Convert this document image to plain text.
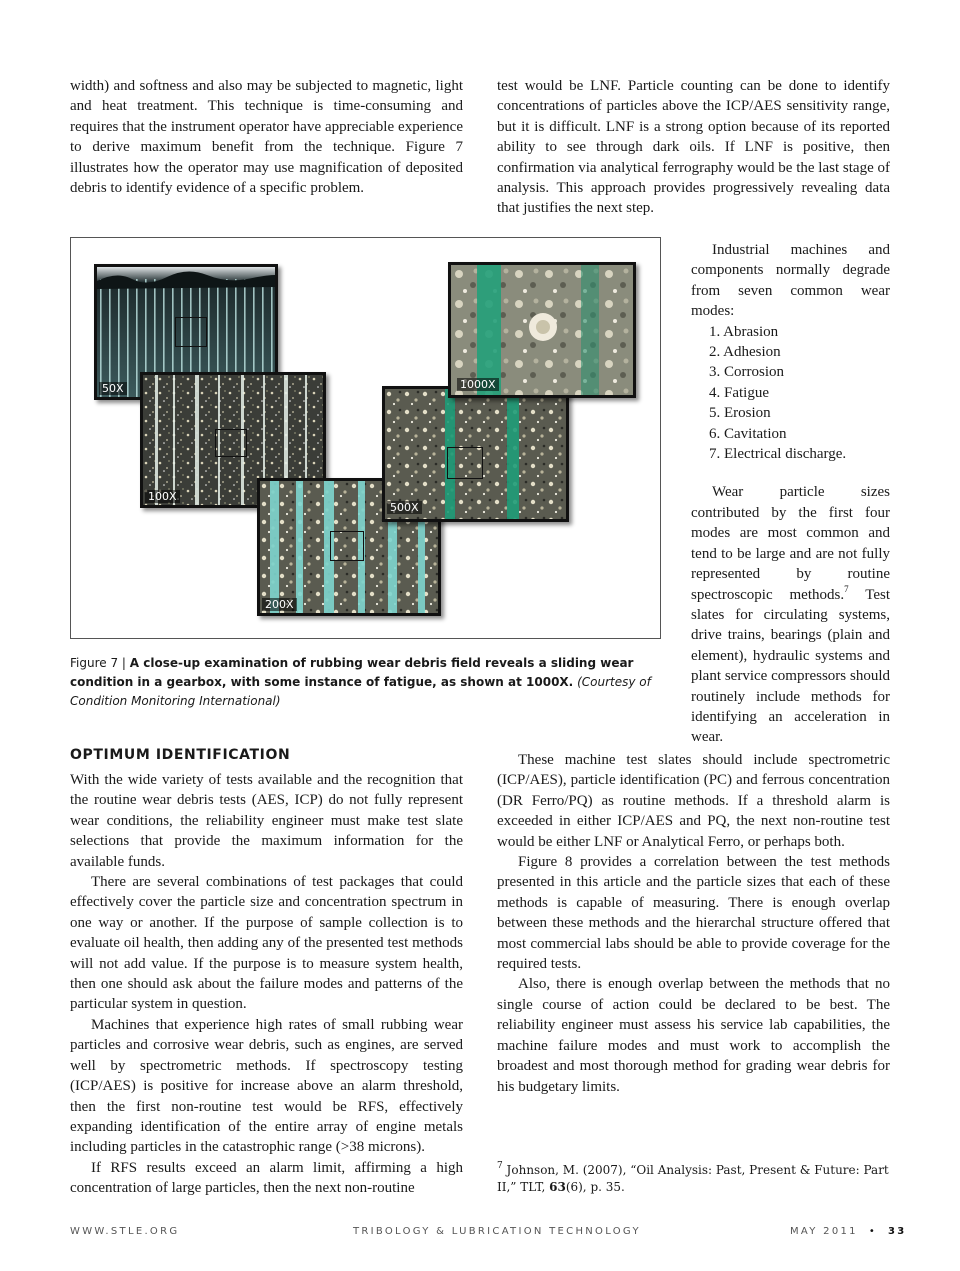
width) and softness and also may be subjected to magnetic, light and heat treatment. This technique is time-consuming and requires that the instrument operator have appreciable experience to derive maximum benefit from the technique. Figure 7 illustrates how the operator may use magnification of deposited debris to identify evidence of a specific problem.

test would be LNF. Particle counting can be done to identify concentrations of particles above the ICP/AES sensitivity range, but it is difficult. LNF is a strong option because of its reported ability to see through dark oils. If LNF is positive, then confirmation via analytical ferrography would be the last stage of analysis. This approach provides progressively revealing data that justifies the next step.

Industrial machines and components normally degrade from seven common wear modes:

1. Abrasion
2. Adhesion
3. Corrosion
4. Fatigue
5. Erosion
6. Cavitation
7. Electrical discharge.

Wear particle sizes contributed by the first four modes are most common and tend to be large and are not fully represented by routine spectroscopic methods.$^7$ Test slates for circulating systems, drive trains, bearings (plain and element), hydraulic systems and plant service compressors should routinely include methods for identifying an acceleration in wear.

50X
100X
200X
500X
1000X
Figure 7 | A close-up examination of rubbing wear debris field reveals a sliding wear condition in a gearbox, with some instance of fatigue, as shown at 1000X. (Courtesy of Condition Monitoring International)
OPTIMUM IDENTIFICATION

With the wide variety of tests available and the recognition that the routine wear debris tests (AES, ICP) do not fully represent wear conditions, the reliability engineer must make test slate selections that provide the maximum information for the available funds.

There are several combinations of test packages that could effectively cover the particle size and concentration spectrum in one way or another. If the purpose of sample collection is to evaluate oil health, then adding any of the presented test methods will not add value. If the purpose is to measure system health, then one should ask about the failure modes and patterns of the particular system in question.

Machines that experience high rates of small rubbing wear particles and corrosive wear debris, such as engines, are served well by spectrometric methods. If spectroscopy testing (ICP/AES) is positive for increase above an alarm threshold, then the first non-routine test would be RFS, effectively expanding identification of the entire array of engine metals including particles in the catastrophic range (>38 microns).

If RFS results exceed an alarm limit, affirming a high concentration of large particles, then the next non-routine

These machine test slates should include spectrometric (ICP/AES), particle identification (PC) and ferrous concentration (DR Ferro/PQ) as routine methods. If a threshold alarm is exceeded in either ICP/AES and PQ, the next non-routine test would be either LNF or Analytical Ferro, or perhaps both.

Figure 8 provides a correlation between the test methods presented in this article and the particle sizes that each of these methods is capable of measuring. There is enough overlap between these methods and the hierarchal structure offered that most commercial labs should be able to provide coverage for the required tests.

Also, there is enough overlap between the methods that no single course of action could be declared to be best. The reliability engineer must assess his service lab capabilities, the machine failure modes and must work to accomplish the broadest and most thorough method for grading wear debris for his budgetary limits.

$^7$ Johnson, M. (2007), “Oil Analysis: Past, Present & Future: Part II,” TLT, 63(6), p. 35.
WWW.STLE.ORG	TRIBOLOGY & LUBRICATION TECHNOLOGY	MAY 2011 • 33
